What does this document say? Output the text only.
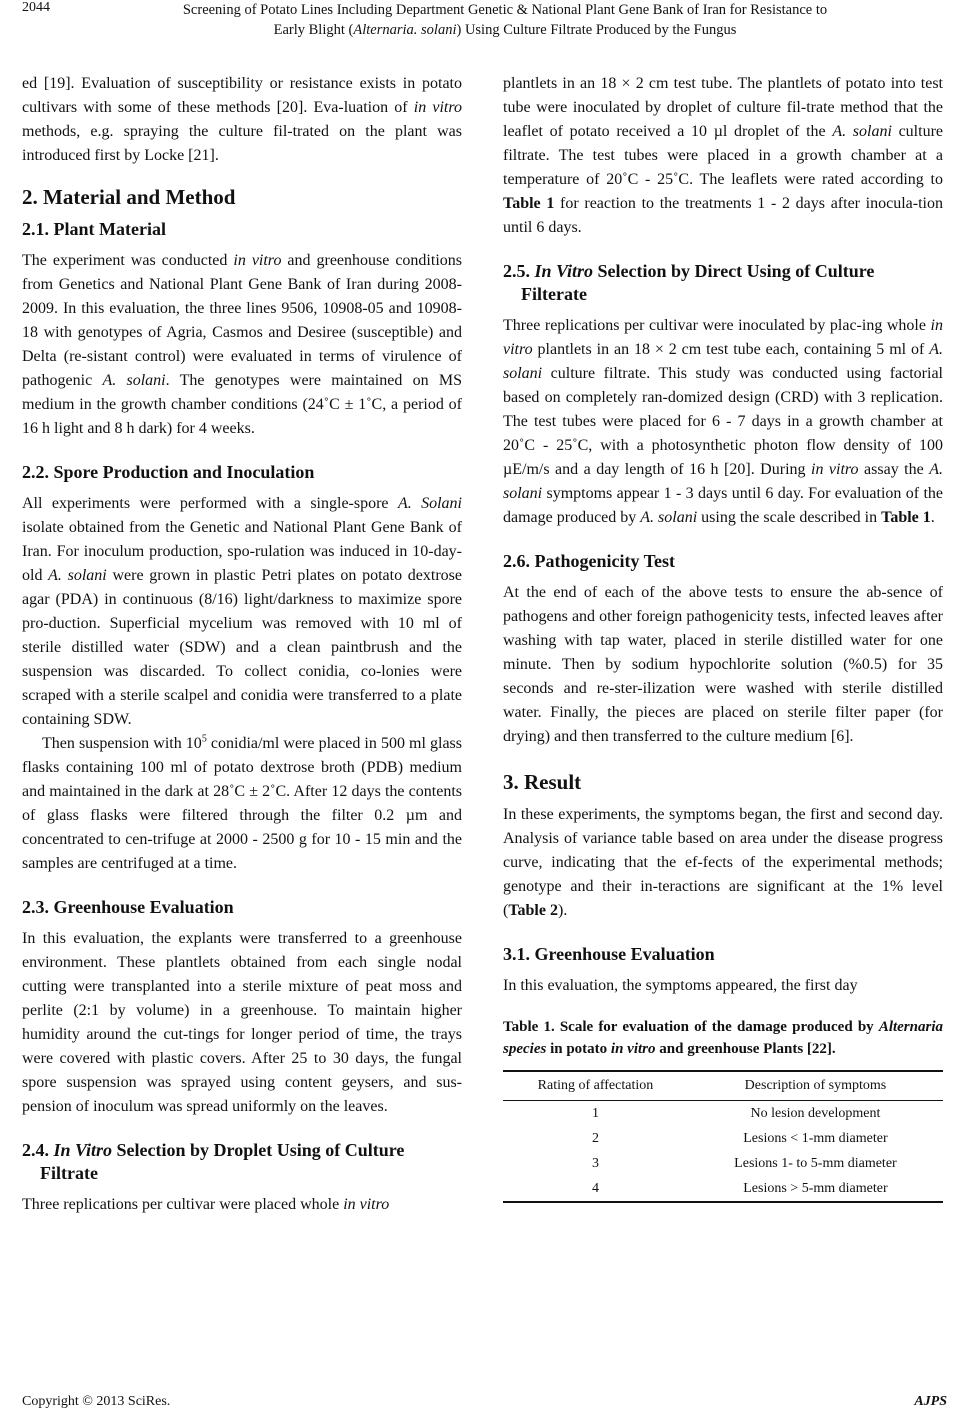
2044	Screening of Potato Lines Including Department Genetic & National Plant Gene Bank of Iran for Resistance to
Early Blight (Alternaria. solani) Using Culture Filtrate Produced by the Fungus

ed [19]. Evaluation of susceptibility or resistance exists in potato cultivars with some of these methods [20]. Eva-luation of in vitro methods, e.g. spraying the culture fil-trated on the plant was introduced first by Locke [21].

2. Material and Method
2.1. Plant Material

The experiment was conducted in vitro and greenhouse conditions from Genetics and National Plant Gene Bank of Iran during 2008-2009. In this evaluation, the three lines 9506, 10908-05 and 10908-18 with genotypes of Agria, Casmos and Desiree (susceptible) and Delta (re-sistant control) were evaluated in terms of virulence of pathogenic A. solani. The genotypes were maintained on MS medium in the growth chamber conditions (24˚C ± 1˚C, a period of 16 h light and 8 h dark) for 4 weeks.

2.2. Spore Production and Inoculation

All experiments were performed with a single-spore A. Solani isolate obtained from the Genetic and National Plant Gene Bank of Iran. For inoculum production, spo-rulation was induced in 10-day-old A. solani were grown in plastic Petri plates on potato dextrose agar (PDA) in continuous (8/16) light/darkness to maximize spore pro-duction. Superficial mycelium was removed with 10 ml of sterile distilled water (SDW) and a clean paintbrush and the suspension was discarded. To collect conidia, co-lonies were scraped with a sterile scalpel and conidia were transferred to a plate containing SDW.

Then suspension with $10^5$ conidia/ml were placed in 500 ml glass flasks containing 100 ml of potato dextrose broth (PDB) medium and maintained in the dark at 28˚C ± 2˚C. After 12 days the contents of glass flasks were filtered through the filter 0.2 µm and concentrated to cen-trifuge at 2000 - 2500 g for 10 - 15 min and the samples are centrifuged at a time.

2.3. Greenhouse Evaluation

In this evaluation, the explants were transferred to a greenhouse environment. These plantlets obtained from each single nodal cutting were transplanted into a sterile mixture of peat moss and perlite (2:1 by volume) in a greenhouse. To maintain higher humidity around the cut-tings for longer period of time, the trays were covered with plastic covers. After 25 to 30 days, the fungal spore suspension was sprayed using content geysers, and sus-pension of inoculum was spread uniformly on the leaves.

2.4. In Vitro Selection by Droplet Using of Culture Filtrate

Three replications per cultivar were placed whole in vitro

plantlets in an 18 × 2 cm test tube. The plantlets of potato into test tube were inoculated by droplet of culture fil-trate method that the leaflet of potato received a 10 µl droplet of the A. solani culture filtrate. The test tubes were placed in a growth chamber at a temperature of 20˚C - 25˚C. The leaflets were rated according to Table 1 for reaction to the treatments 1 - 2 days after inocula-tion until 6 days.

2.5. In Vitro Selection by Direct Using of Culture Filterate

Three replications per cultivar were inoculated by plac-ing whole in vitro plantlets in an 18 × 2 cm test tube each, containing 5 ml of A. solani culture filtrate. This study was conducted using factorial based on completely ran-domized design (CRD) with 3 replication. The test tubes were placed for 6 - 7 days in a growth chamber at 20˚C - 25˚C, with a photosynthetic photon flow density of 100 µE/m/s and a day length of 16 h [20]. During in vitro assay the A. solani symptoms appear 1 - 3 days until 6 day. For evaluation of the damage produced by A. solani using the scale described in Table 1.

2.6. Pathogenicity Test

At the end of each of the above tests to ensure the ab-sence of pathogens and other foreign pathogenicity tests, infected leaves after washing with tap water, placed in sterile distilled water for one minute. Then by sodium hypochlorite solution (%0.5) for 35 seconds and re-ster-ilization were washed with sterile distilled water. Finally, the pieces are placed on sterile filter paper (for drying) and then transferred to the culture medium [6].

3. Result

In these experiments, the symptoms began, the first and second day. Analysis of variance table based on area under the disease progress curve, indicating that the ef-fects of the experimental methods; genotype and their in-teractions are significant at the 1% level (Table 2).

3.1. Greenhouse Evaluation

In this evaluation, the symptoms appeared, the first day

Table 1. Scale for evaluation of the damage produced by Alternaria species in potato in vitro and greenhouse Plants [22].
Rating of affectation	Description of symptoms
1	No lesion development
2	Lesions < 1-mm diameter
3	Lesions 1- to 5-mm diameter
4	Lesions > 5-mm diameter
Copyright © 2013 SciRes.	AJPS
